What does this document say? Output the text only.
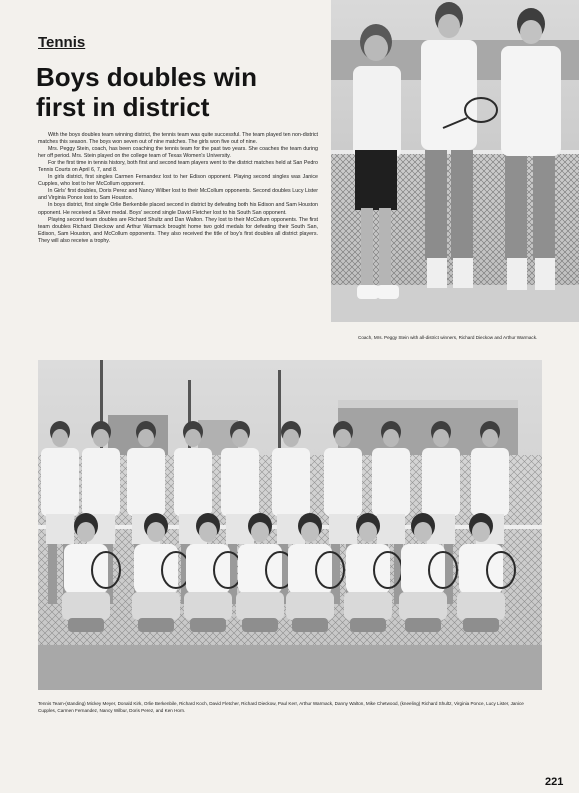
Tennis
Boys doubles win first in district

With the boys doubles team winning district, the tennis team was quite successful. The team played ten non-district matches this season. The boys won seven out of nine matches. The girls won five out of nine.

Mrs. Peggy Stein, coach, has been coaching the tennis team for the past two years. She coaches the team during her off period. Mrs. Stein played on the college team of Texas Women's University.

For the first time in tennis history, both first and second team players went to the district matches held at San Pedro Tennis Courts on April 6, 7, and 8.

In girls district, first singles Carmen Fernandez lost to her Edison opponent. Playing second singles was Janice Cupples, who lost to her McCollum opponent.

In Girls' first doubles, Doris Perez and Nancy Wilber lost to their McCollum opponents. Second doubles Lucy Lister and Virginia Ponce lost to Sam Houston.

In boys district, first single Orlie Berkenbile placed second in district by defeating both his Edison and Sam Houston opponent. He received a Silver medal. Boys' second single David Fletcher lost to his South San opponent.

Playing second team doubles are Richard Shultz and Dan Walton. They lost to their McCollum opponents. The first team doubles Richard Dieckow and Arthur Warmack brought home two gold medals for defeating their South San, Edison, Sam Houston, and McCollum opponents. They also received the title of boy's first doubles all district players. They will also receive a trophy.

Coach, Mrs. Peggy Stein with all-district winners, Richard Dieckow and Arthur Warmack.
Tennis Team-(standing) Mickey Meyer, Donald Kirk, Orlie Berkenbile, Richard Koch, David Fletcher, Richard Dieckow, Paul Kerr, Arthur Warmack, Danny Walton, Mike Chetwood, (kneeling) Richard Shultz, Virginia Ponce, Lucy Lister, Janice Cupples, Carmen Fernandez, Nancy Wilbur, Doris Perez, and Ken Horn.
221
